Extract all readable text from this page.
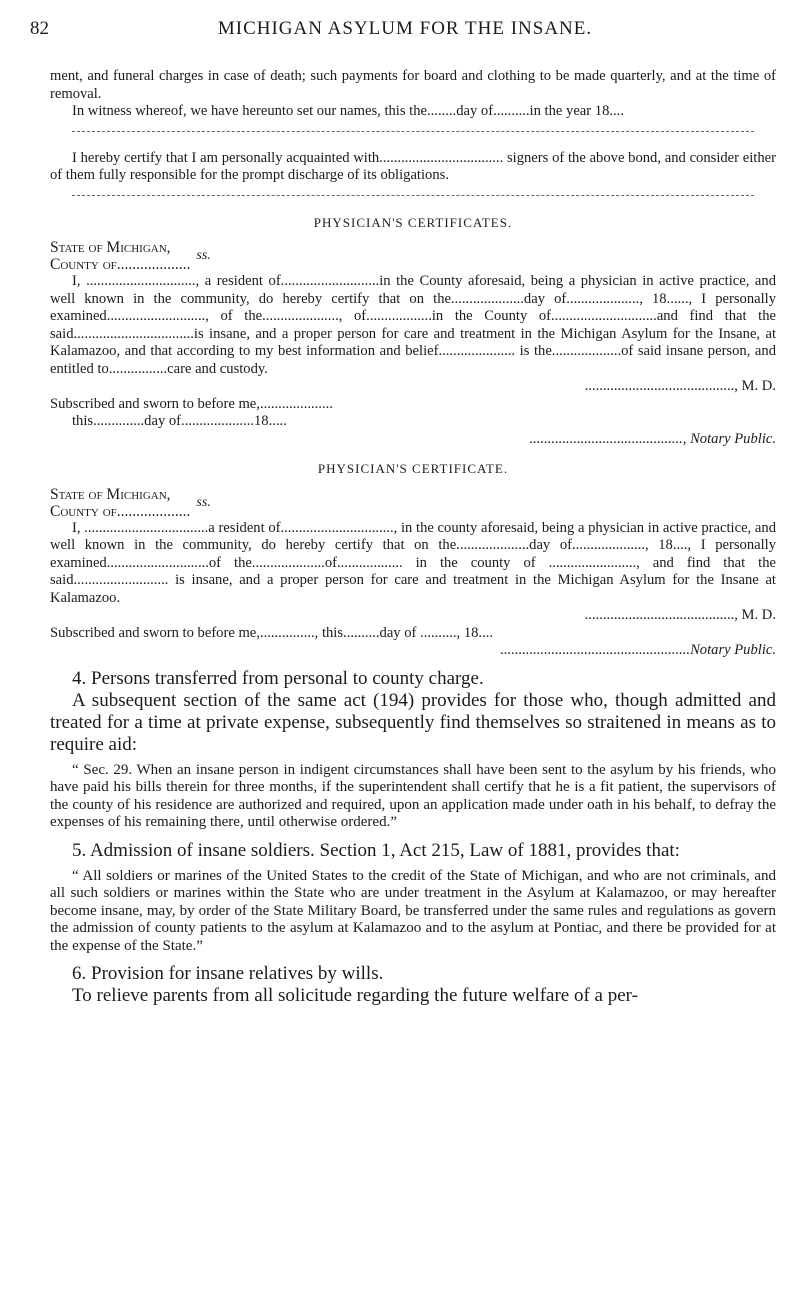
82	MICHIGAN ASYLUM FOR THE INSANE.

ment, and funeral charges in case of death; such payments for board and clothing to be made quarterly, and at the time of removal.

In witness whereof, we have hereunto set our names, this the........day of..........in the year 18....

I hereby certify that I am personally acquainted with.................................. signers of the above bond, and consider either of them fully responsible for the prompt discharge of its obligations.

PHYSICIAN'S CERTIFICATES.
State of Michigan,
County of...................
ss.

I, .............................., a resident of...........................in the County aforesaid, being a physician in active practice, and well known in the community, do hereby certify that on the....................day of...................., 18......, I personally examined..........................., of the....................., of..................in the County of.............................and find that the said.................................is insane, and a proper person for care and treatment in the Michigan Asylum for the Insane, at Kalamazoo, and that according to my best information and belief..................... is the...................of said insane person, and entitled to................care and custody.

........................................., M. D.

Subscribed and sworn to before me,....................

this..............day of....................18.....

.........................................., Notary Public.

PHYSICIAN'S CERTIFICATE.
State of Michigan,
County of...................
ss.

I, ..................................a resident of..............................., in the county aforesaid, being a physician in active practice, and well known in the community, do hereby certify that on the....................day of...................., 18...., I personally examined............................of the....................of.................. in the county of ........................, and find that the said.......................... is insane, and a proper person for care and treatment in the Michigan Asylum for the Insane at Kalamazoo.

........................................., M. D.

Subscribed and sworn to before me,..............., this..........day of .........., 18....

....................................................Notary Public.

4. Persons transferred from personal to county charge.

A subsequent section of the same act (194) provides for those who, though admitted and treated for a time at private expense, subsequently find themselves so straitened in means as to require aid:

“ Sec. 29. When an insane person in indigent circumstances shall have been sent to the asylum by his friends, who have paid his bills therein for three months, if the superintendent shall certify that he is a fit patient, the supervisors of the county of his residence are authorized and required, upon an application made under oath in his behalf, to defray the expenses of his remaining there, until otherwise ordered.”

5. Admission of insane soldiers. Section 1, Act 215, Law of 1881, provides that:

“ All soldiers or marines of the United States to the credit of the State of Michigan, and who are not criminals, and all such soldiers or marines within the State who are under treatment in the Asylum at Kalamazoo, or may hereafter become insane, may, by order of the State Military Board, be transferred under the same rules and regulations as govern the admission of county patients to the asylum at Kalamazoo and to the asylum at Pontiac, and there be provided for at the expense of the State.”

6. Provision for insane relatives by wills.

To relieve parents from all solicitude regarding the future welfare of a per-
